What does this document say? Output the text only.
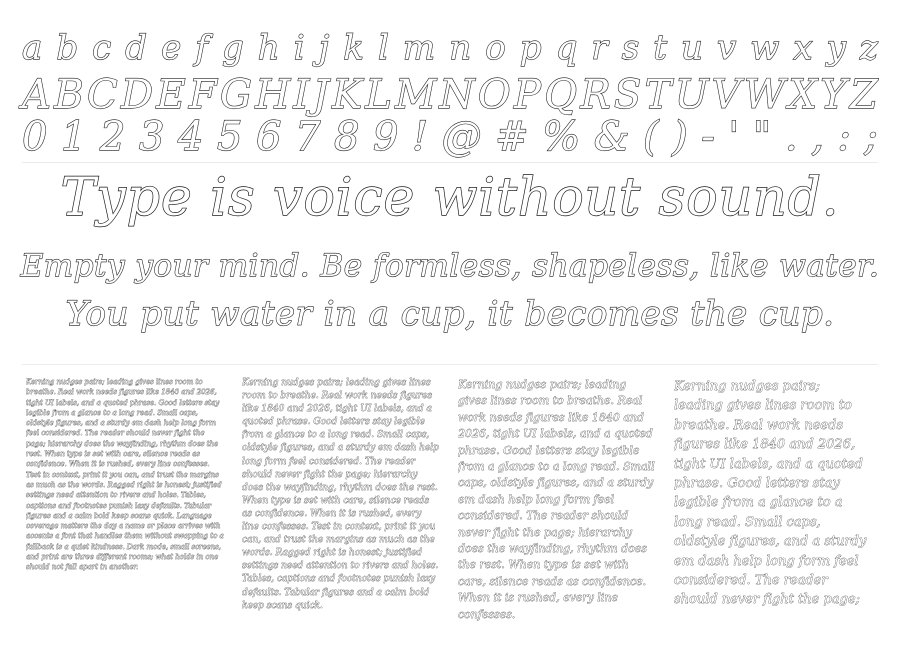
a b c d e f g h i j k l m n o p q r s t u v w x y z
A B C D E F G H I J K L M N O P Q R S T U V W X Y Z
0 1 2 3 4 5 6 7 8 9 ! @ # % & ( ) - ' " . , : ;
Type is voice without sound.
Empty your mind. Be formless, shapeless, like water.
You put water in a cup, it becomes the cup.

Kerning nudges pairs; leading gives lines room to breathe. Real work needs figures like 1840 and 2026, tight UI labels, and a quoted phrase. Good letters stay legible from a glance to a long read. Small caps, oldstyle figures, and a sturdy em dash help long form feel considered. The reader should never fight the page; hierarchy does the wayfinding, rhythm does the rest. When type is set with care, silence reads as confidence. When it is rushed, every line confesses. Test in context, print it you can, and trust the margins as much as the words. Ragged right is honest; justified settings need attention to rivers and holes. Tables, captions and footnotes punish lazy defaults. Tabular figures and a calm bold keep scans quick. Language coverage matters the day a name or place arrives with accents a font that handles them without swapping to a fallback is a quiet kindness. Dark mode, small screens, and print are three different rooms; what holds in one should not fall apart in another.

Kerning nudges pairs; leading gives lines room to breathe. Real work needs figures like 1840 and 2026, tight UI labels, and a quoted phrase. Good letters stay legible from a glance to a long read. Small caps, oldstyle figures, and a sturdy em dash help long form feel considered. The reader should never fight the page; hierarchy does the wayfinding, rhythm does the rest. When type is set with care, silence reads as confidence. When it is rushed, every line confesses. Test in context, print it you can, and trust the margins as much as the words. Ragged right is honest; justified settings need attention to rivers and holes. Tables, captions and footnotes punish lazy defaults. Tabular figures and a calm bold keep scans quick.

Kerning nudges pairs; leading gives lines room to breathe. Real work needs figures like 1840 and 2026, tight UI labels, and a quoted phrase. Good letters stay legible from a glance to a long read. Small caps, oldstyle figures, and a sturdy em dash help long form feel considered. The reader should never fight the page; hierarchy does the wayfinding, rhythm does the rest. When type is set with care, silence reads as confidence. When it is rushed, every line confesses.

Kerning nudges pairs; leading gives lines room to breathe. Real work needs figures like 1840 and 2026, tight UI labels, and a quoted phrase. Good letters stay legible from a glance to a long read. Small caps, oldstyle figures, and a sturdy em dash help long form feel considered. The reader should never fight the page;
